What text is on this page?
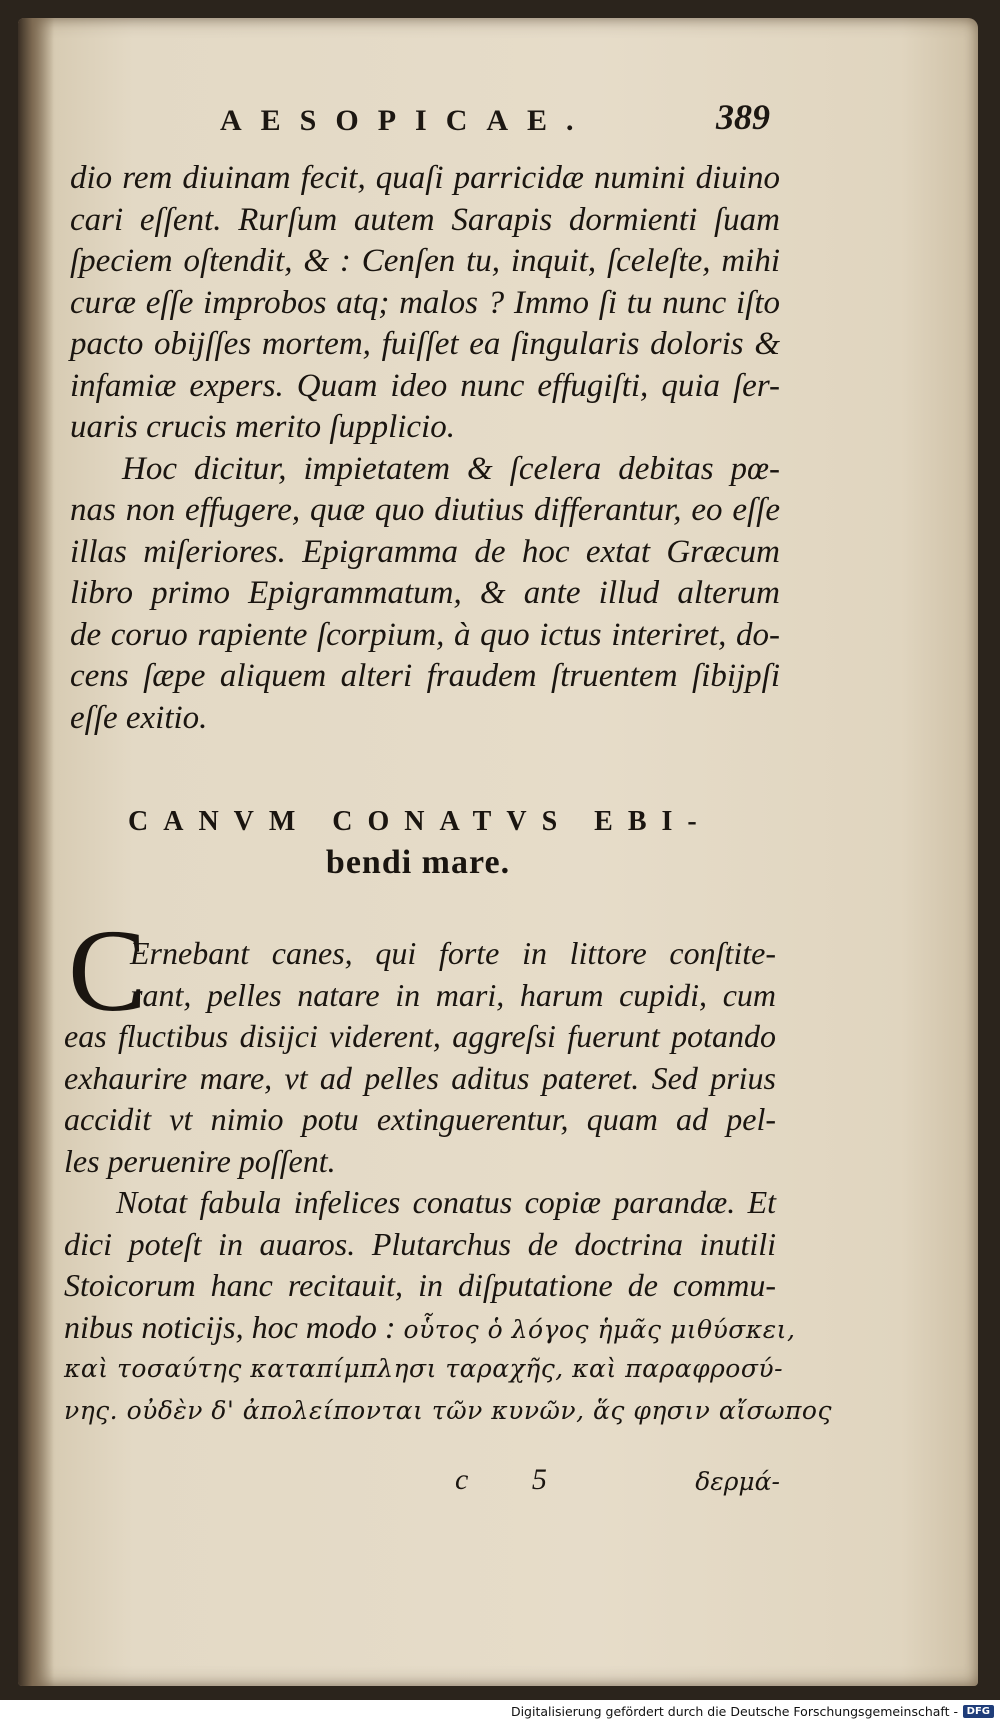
AESOPICAE.	389
dio rem diuinam fecit, quaſi parricidæ numini diuino
cari eſſent. Rurſum autem Sarapis dormienti ſuam
ſpeciem oſtendit, & : Cenſen tu, inquit, ſceleſte, mihi
curæ eſſe improbos atq; malos ? Immo ſi tu nunc iſto
pacto obijſſes mortem, fuiſſet ea ſingularis doloris &
infamiæ expers. Quam ideo nunc effugiſti, quia ſer-
uaris crucis merito ſupplicio.
Hoc dicitur, impietatem & ſcelera debitas pœ-
nas non effugere, quæ quo diutius differantur, eo eſſe
illas miſeriores. Epigramma de hoc extat Græcum
libro primo Epigrammatum, & ante illud alterum
de coruo rapiente ſcorpium, à quo ictus interiret, do-
cens ſæpe aliquem alteri fraudem ſtruentem ſibijpſi
eſſe exitio.
CANVM CONATVS EBI-
bendi mare.
C
Ernebant canes, qui forte in littore conſtite-
rant, pelles natare in mari, harum cupidi, cum
eas fluctibus disijci viderent, aggreſsi fuerunt potando
exhaurire mare, vt ad pelles aditus pateret. Sed prius
accidit vt nimio potu extinguerentur, quam ad pel-
les peruenire poſſent.
Notat fabula infelices conatus copiæ parandæ. Et
dici poteſt in auaros. Plutarchus de doctrina inutili
Stoicorum hanc recitauit, in diſputatione de commu-
nibus noticijs, hoc modo : οὗτος ὁ λόγος ἡμᾶς μιθύσκει,
καὶ τοσαύτης καταπίμπλησι ταραχῆς, καὶ παραφροσύ-
νης. οὐδὲν δ' ἀπολείπονται τῶν κυνῶν, ἅς φησιν αἴσωπος
c 5	δερμά-
Digitalisierung gefördert durch die Deutsche Forschungsgemeinschaft - DFG
